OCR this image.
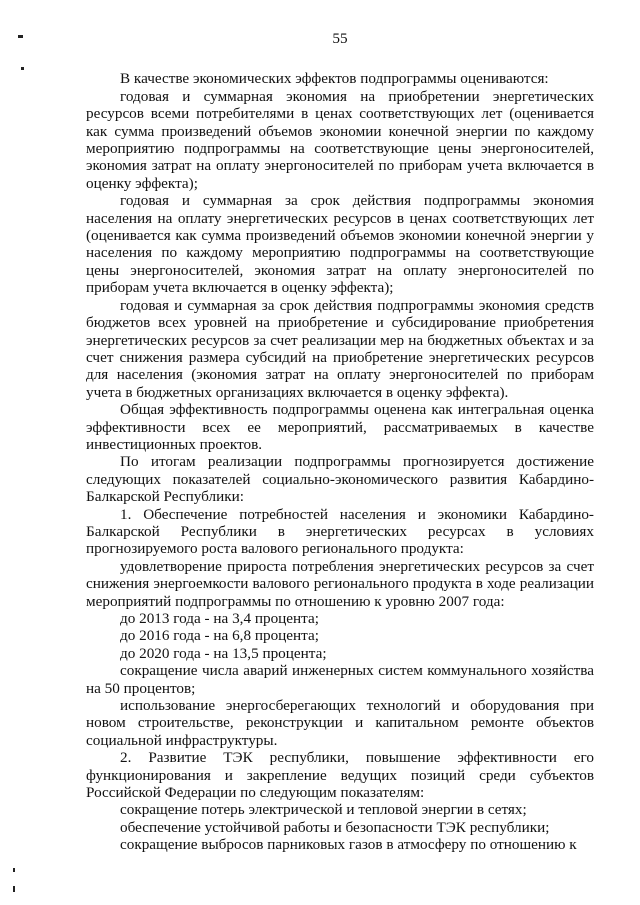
55

В качестве экономических эффектов подпрограммы оцениваются:

годовая и суммарная экономия на приобретении энергетических ресурсов всеми потребителями в ценах соответствующих лет (оценивается как сумма произведений объемов экономии конечной энергии по каждому мероприятию подпрограммы на соответствующие цены энергоносителей, экономия затрат на оплату энергоносителей по приборам учета включается в оценку эффекта);

годовая и суммарная за срок действия подпрограммы экономия населения на оплату энергетических ресурсов в ценах соответствующих лет (оценивается как сумма произведений объемов экономии конечной энергии у населения по каждому мероприятию подпрограммы на соответствующие цены энергоносителей, экономия затрат на оплату энергоносителей по приборам учета включается в оценку эффекта);

годовая и суммарная за срок действия подпрограммы экономия средств бюджетов всех уровней на приобретение и субсидирование приобретения энергетических ресурсов за счет реализации мер на бюджетных объектах и за счет снижения размера субсидий на приобретение энергетических ресурсов для населения (экономия затрат на оплату энергоносителей по приборам учета в бюджетных организациях включается в оценку эффекта).

Общая эффективность подпрограммы оценена как интегральная оценка эффективности всех ее мероприятий, рассматриваемых в качестве инвестиционных проектов.

По итогам реализации подпрограммы прогнозируется достижение следующих показателей социально-экономического развития Кабардино-Балкарской Республики:

1. Обеспечение потребностей населения и экономики Кабардино-Балкарской Республики в энергетических ресурсах в условиях прогнозируемого роста валового регионального продукта:

удовлетворение прироста потребления энергетических ресурсов за счет снижения энергоемкости валового регионального продукта в ходе реализации мероприятий подпрограммы по отношению к уровню 2007 года:

до 2013 года - на 3,4 процента;

до 2016 года - на 6,8 процента;

до 2020 года - на 13,5 процента;

сокращение числа аварий инженерных систем коммунального хозяйства на 50 процентов;

использование энергосберегающих технологий и оборудования при новом строительстве, реконструкции и капитальном ремонте объектов социальной инфраструктуры.

2. Развитие ТЭК республики, повышение эффективности его функционирования и закрепление ведущих позиций среди субъектов Российской Федерации по следующим показателям:

сокращение потерь электрической и тепловой энергии в сетях;

обеспечение устойчивой работы и безопасности ТЭК республики;

сокращение выбросов парниковых газов в атмосферу по отношению к
